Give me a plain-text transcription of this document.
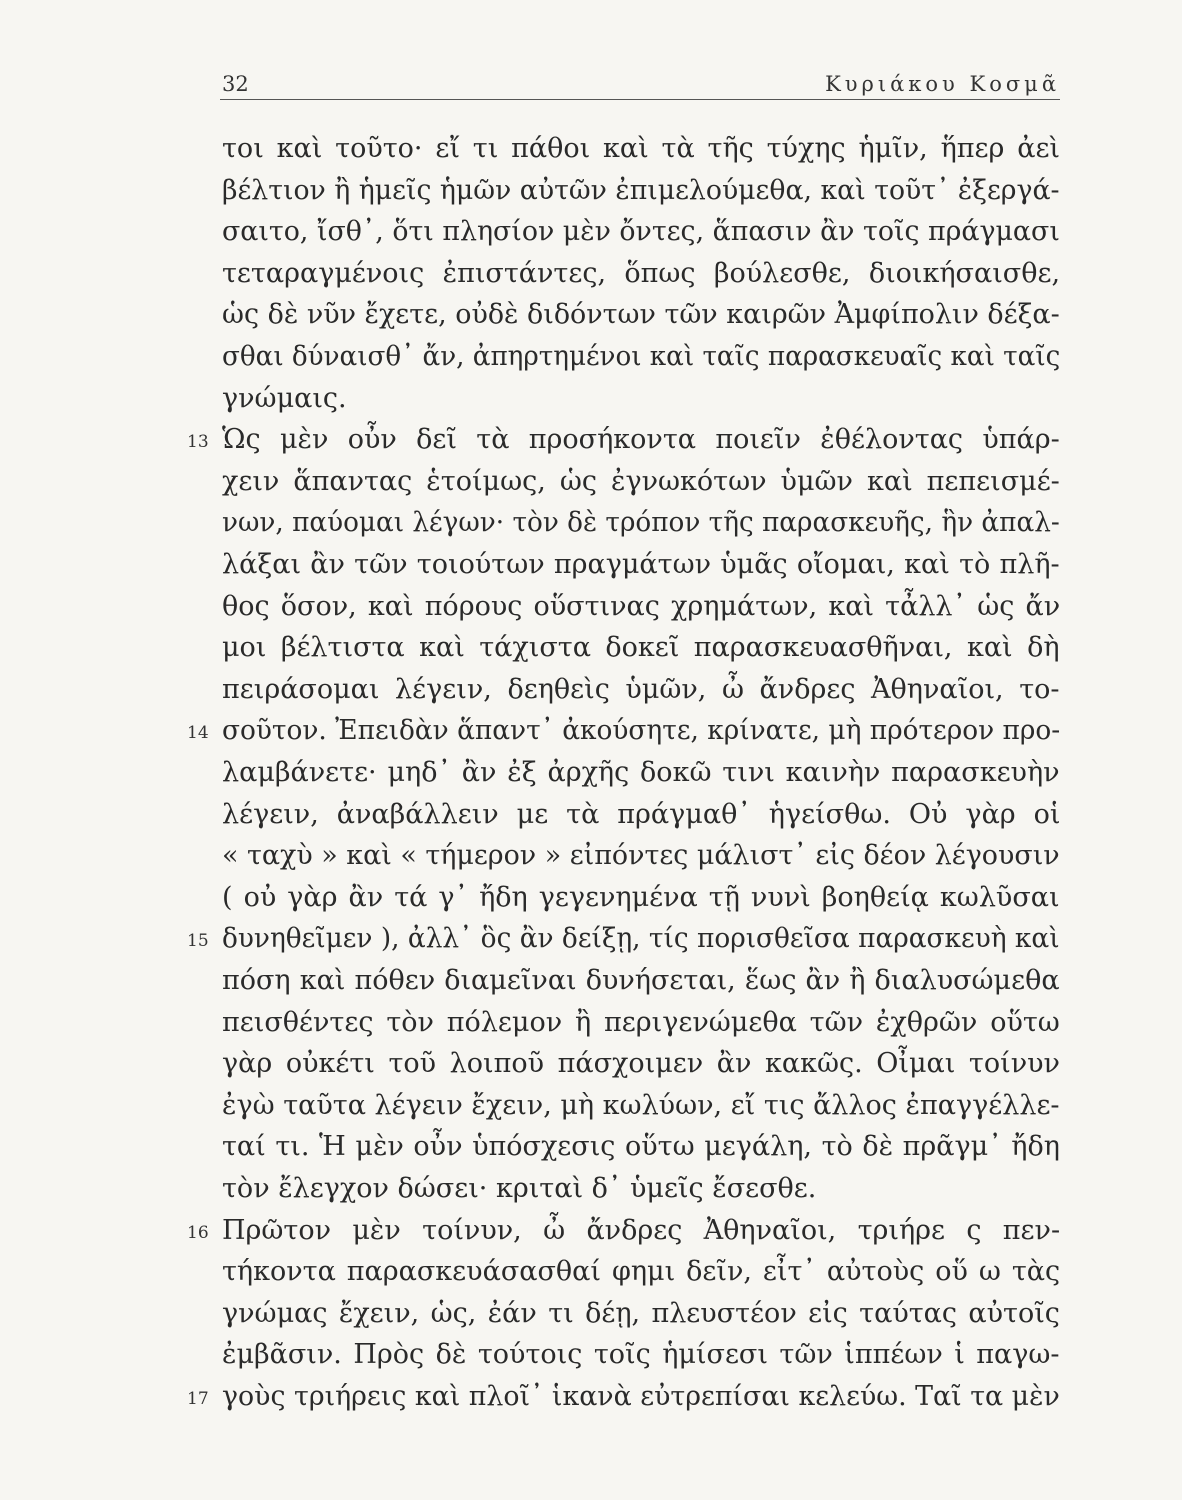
32	Κυριάκου Κοσμᾶ
τοι καὶ τοῦτο· εἴ τι πάθοι καὶ τὰ τῆς τύχης ἡμῖν, ἥπερ ἀεὶ
βέλτιον ἢ ἡμεῖς ἡμῶν αὐτῶν ἐπιμελούμεθα, καὶ τοῦτ᾽ ἐξεργά-
σαιτο, ἴσθ᾽, ὅτι πλησίον μὲν ὄντες, ἅπασιν ἂν τοῖς πράγμασι
τεταραγμένοις ἐπιστάντες, ὅπως βούλεσθε, διοικήσαισθε,
ὡς δὲ νῦν ἔχετε, οὐδὲ διδόντων τῶν καιρῶν Ἀμφίπολιν δέξα-
σθαι δύναισθ᾽ ἄν, ἀπηρτημένοι καὶ ταῖς παρασκευαῖς καὶ ταῖς
γνώμαις.
Ὡς μὲν οὖν δεῖ τὰ προσήκοντα ποιεῖν ἐθέλοντας ὑπάρ-
13
χειν ἅπαντας ἑτοίμως, ὡς ἐγνωκότων ὑμῶν καὶ πεπεισμέ-
νων, παύομαι λέγων· τὸν δὲ τρόπον τῆς παρασκευῆς, ἣν ἀπαλ-
λάξαι ἂν τῶν τοιούτων πραγμάτων ὑμᾶς οἴομαι, καὶ τὸ πλῆ-
θος ὅσον, καὶ πόρους οὕστινας χρημάτων, καὶ τἆλλ᾽ ὡς ἄν
μοι βέλτιστα καὶ τάχιστα δοκεῖ παρασκευασθῆναι, καὶ δὴ
πειράσομαι λέγειν, δεηθεὶς ὑμῶν, ὦ ἄνδρες Ἀθηναῖοι, το-
σοῦτον. Ἐπειδὰν ἅπαντ᾽ ἀκούσητε, κρίνατε, μὴ πρότερον προ-
14
λαμβάνετε· μηδ᾽ ἂν ἐξ ἀρχῆς δοκῶ τινι καινὴν παρασκευὴν
λέγειν, ἀναβάλλειν με τὰ πράγμαθ᾽ ἡγείσθω. Οὐ γὰρ οἱ
« ταχὺ » καὶ « τήμερον » εἰπόντες μάλιστ᾽ εἰς δέον λέγουσιν
( οὐ γὰρ ἂν τά γ᾽ ἤδη γεγενημένα τῇ νυνὶ βοηθείᾳ κωλῦσαι
δυνηθεῖμεν ), ἀλλ᾽ ὃς ἂν δείξῃ, τίς πορισθεῖσα παρασκευὴ καὶ
15
πόση καὶ πόθεν διαμεῖναι δυνήσεται, ἕως ἂν ἢ διαλυσώμεθα
πεισθέντες τὸν πόλεμον ἢ περιγενώμεθα τῶν ἐχθρῶν οὕτω
γὰρ οὐκέτι τοῦ λοιποῦ πάσχοιμεν ἂν κακῶς. Οἶμαι τοίνυν
ἐγὼ ταῦτα λέγειν ἔχειν, μὴ κωλύων, εἴ τις ἄλλος ἐπαγγέλλε-
ταί τι. Ἡ μὲν οὖν ὑπόσχεσις οὕτω μεγάλη, τὸ δὲ πρᾶγμ᾽ ἤδη
τὸν ἔλεγχον δώσει· κριταὶ δ᾽ ὑμεῖς ἔσεσθε.
Πρῶτον μὲν τοίνυν, ὦ ἄνδρες Ἀθηναῖοι, τριήρε ς πεν-
16
τήκοντα παρασκευάσασθαί φημι δεῖν, εἶτ᾽ αὐτοὺς οὕ ω τὰς
γνώμας ἔχειν, ὡς, ἐάν τι δέῃ, πλευστέον εἰς ταύτας αὐτοῖς
ἐμβᾶσιν. Πρὸς δὲ τούτοις τοῖς ἡμίσεσι τῶν ἱππέων ἱ παγω-
γοὺς τριήρεις καὶ πλοῖ᾽ ἱκανὰ εὐτρεπίσαι κελεύω. Ταῖ τα μὲν
17
